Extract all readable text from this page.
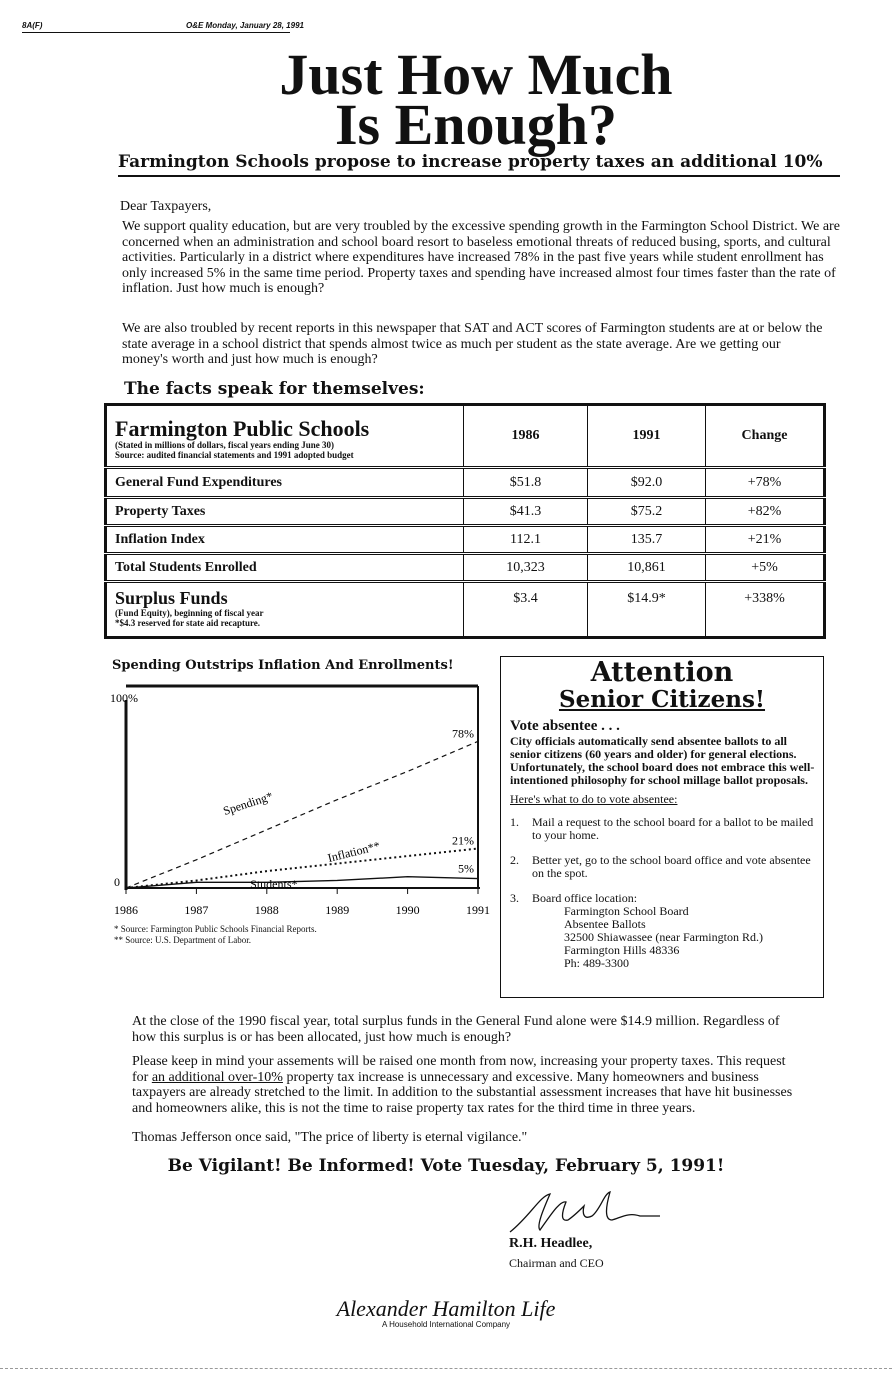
8A(F)	O&E Monday, January 28, 1991
Just How Much
Is Enough?
Farmington Schools propose to increase property taxes an additional 10%
Dear Taxpayers,
We support quality education, but are very troubled by the excessive spending growth in the Farmington School District. We are concerned when an administration and school board resort to baseless emotional threats of reduced busing, sports, and cultural activities. Particularly in a district where expenditures have increased 78% in the past five years while student enrollment has only increased 5% in the same time period. Property taxes and spending have increased almost four times faster than the rate of inflation. Just how much is enough?
We are also troubled by recent reports in this newspaper that SAT and ACT scores of Farmington students are at or below the state average in a school district that spends almost twice as much per student as the state average. Are we getting our money's worth and just how much is enough?
The facts speak for themselves:
Farmington Public Schools
(Stated in millions of dollars, fiscal years ending June 30)
Source: audited financial statements and 1991 adopted budget	1986	1991	Change
General Fund Expenditures	$51.8	$92.0	+78%
Property Taxes	$41.3	$75.2	+82%
Inflation Index	112.1	135.7	+21%
Total Students Enrolled	10,323	10,861	+5%

Surplus Funds
(Fund Equity), beginning of fiscal year
*$4.3 reserved for state aid recapture.	$3.4	$14.9*	+338%
Spending Outstrips Inflation And Enrollments!
100%
0
1986	1987	1988	1989	1990	1991
78%
Spending*
21%
Inflation**
5%
Students*
* Source: Farmington Public Schools Financial Reports.
** Source: U.S. Department of Labor.
Attention
Senior Citizens!

Vote absentee . . .

City officials automatically send absentee ballots to all senior citizens (60 years and older) for general elections. Unfortunately, the school board does not embrace this well-intentioned philosophy for school millage ballot proposals.

Here's what to do to vote absentee:

1.	Mail a request to the school board for a ballot to be mailed to your home.
2.	Better yet, go to the school board office and vote absentee on the spot.
3.	Board office location:
Farmington School Board
Absentee Ballots
32500 Shiawassee (near Farmington Rd.)
Farmington Hills 48336
Ph: 489-3300
At the close of the 1990 fiscal year, total surplus funds in the General Fund alone were $14.9 million. Regardless of how this surplus is or has been allocated, just how much is enough?
Please keep in mind your assements will be raised one month from now, increasing your property taxes. This request for an additional over-10% property tax increase is unnecessary and excessive. Many homeowners and business taxpayers are already stretched to the limit. In addition to the substantial assessment increases that have hit businesses and homeowners alike, this is not the time to raise property tax rates for the third time in three years.
Thomas Jefferson once said, "The price of liberty is eternal vigilance."
Be Vigilant! Be Informed! Vote Tuesday, February 5, 1991!
R.H. Headlee,
Chairman and CEO
Alexander Hamilton Life
A Household International Company
